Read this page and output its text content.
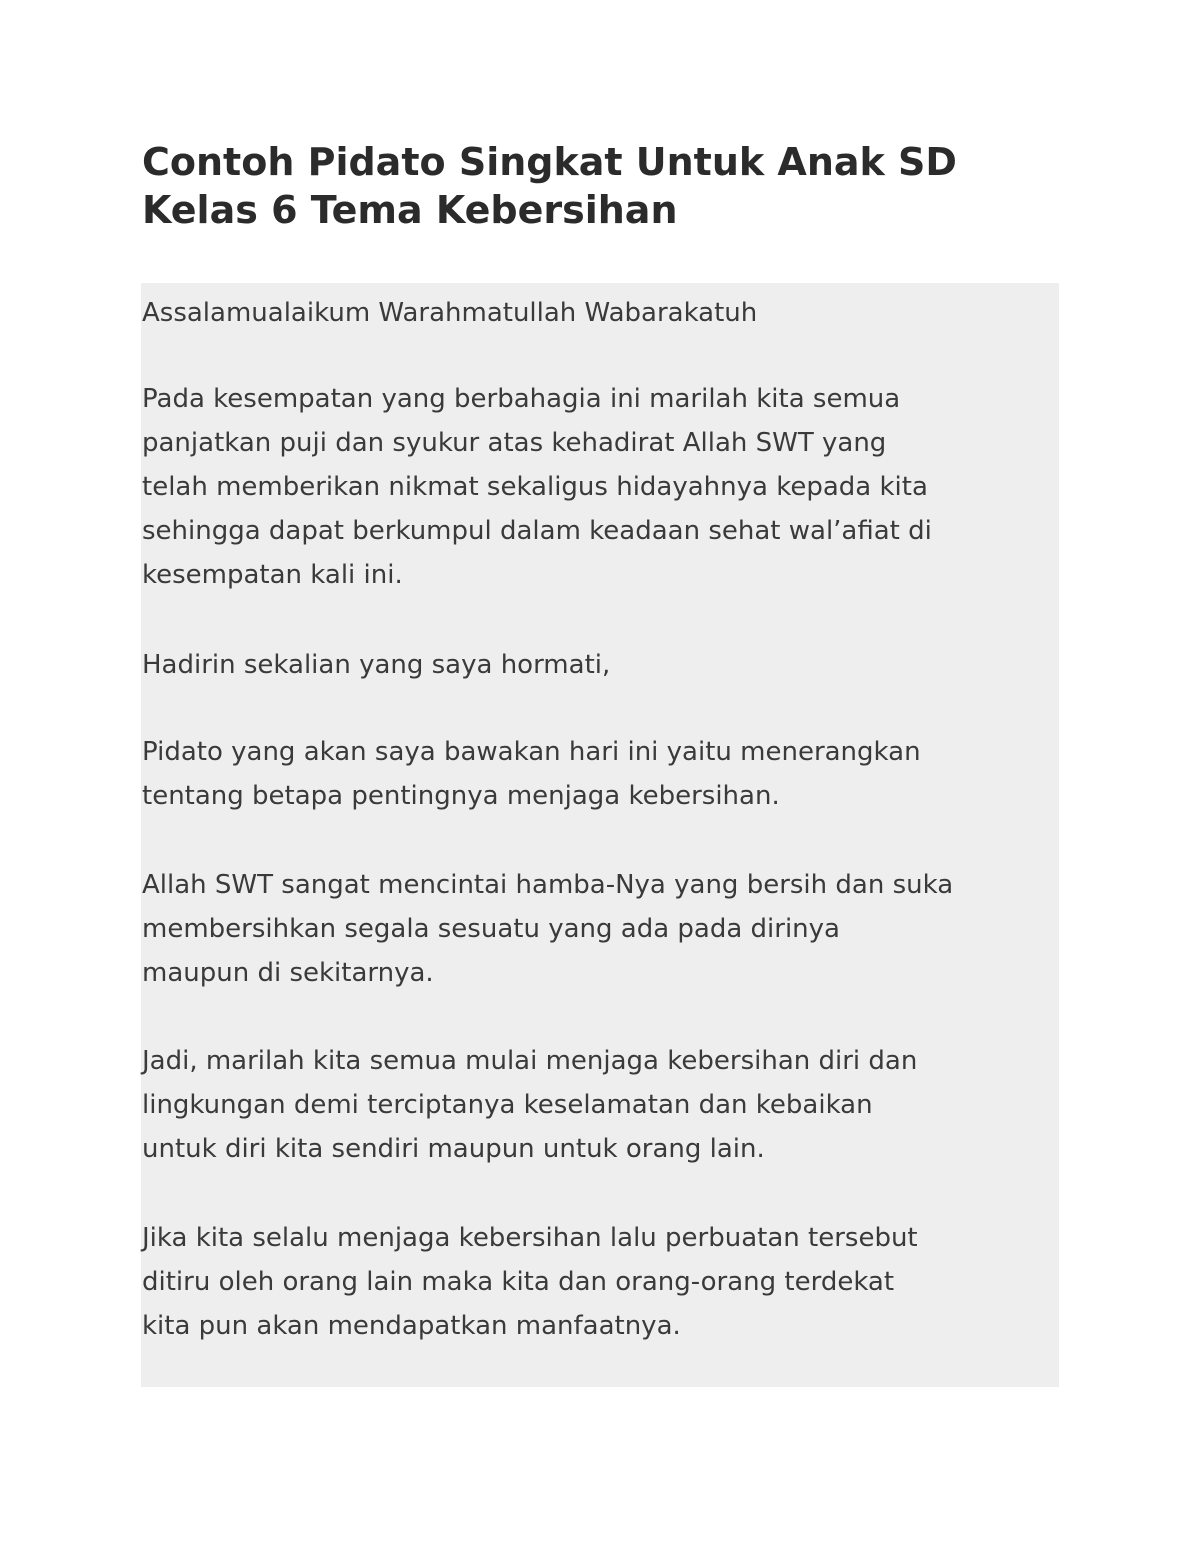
Contoh Pidato Singkat Untuk Anak SD
Kelas 6 Tema Kebersihan

Assalamualaikum Warahmatullah Wabarakatuh

Pada kesempatan yang berbahagia ini marilah kita semua
panjatkan puji dan syukur atas kehadirat Allah SWT yang
telah memberikan nikmat sekaligus hidayahnya kepada kita
sehingga dapat berkumpul dalam keadaan sehat wal’afiat di
kesempatan kali ini.

Hadirin sekalian yang saya hormati,

Pidato yang akan saya bawakan hari ini yaitu menerangkan
tentang betapa pentingnya menjaga kebersihan.

Allah SWT sangat mencintai hamba-Nya yang bersih dan suka
membersihkan segala sesuatu yang ada pada dirinya
maupun di sekitarnya.

Jadi, marilah kita semua mulai menjaga kebersihan diri dan
lingkungan demi terciptanya keselamatan dan kebaikan
untuk diri kita sendiri maupun untuk orang lain.

Jika kita selalu menjaga kebersihan lalu perbuatan tersebut
ditiru oleh orang lain maka kita dan orang-orang terdekat
kita pun akan mendapatkan manfaatnya.
